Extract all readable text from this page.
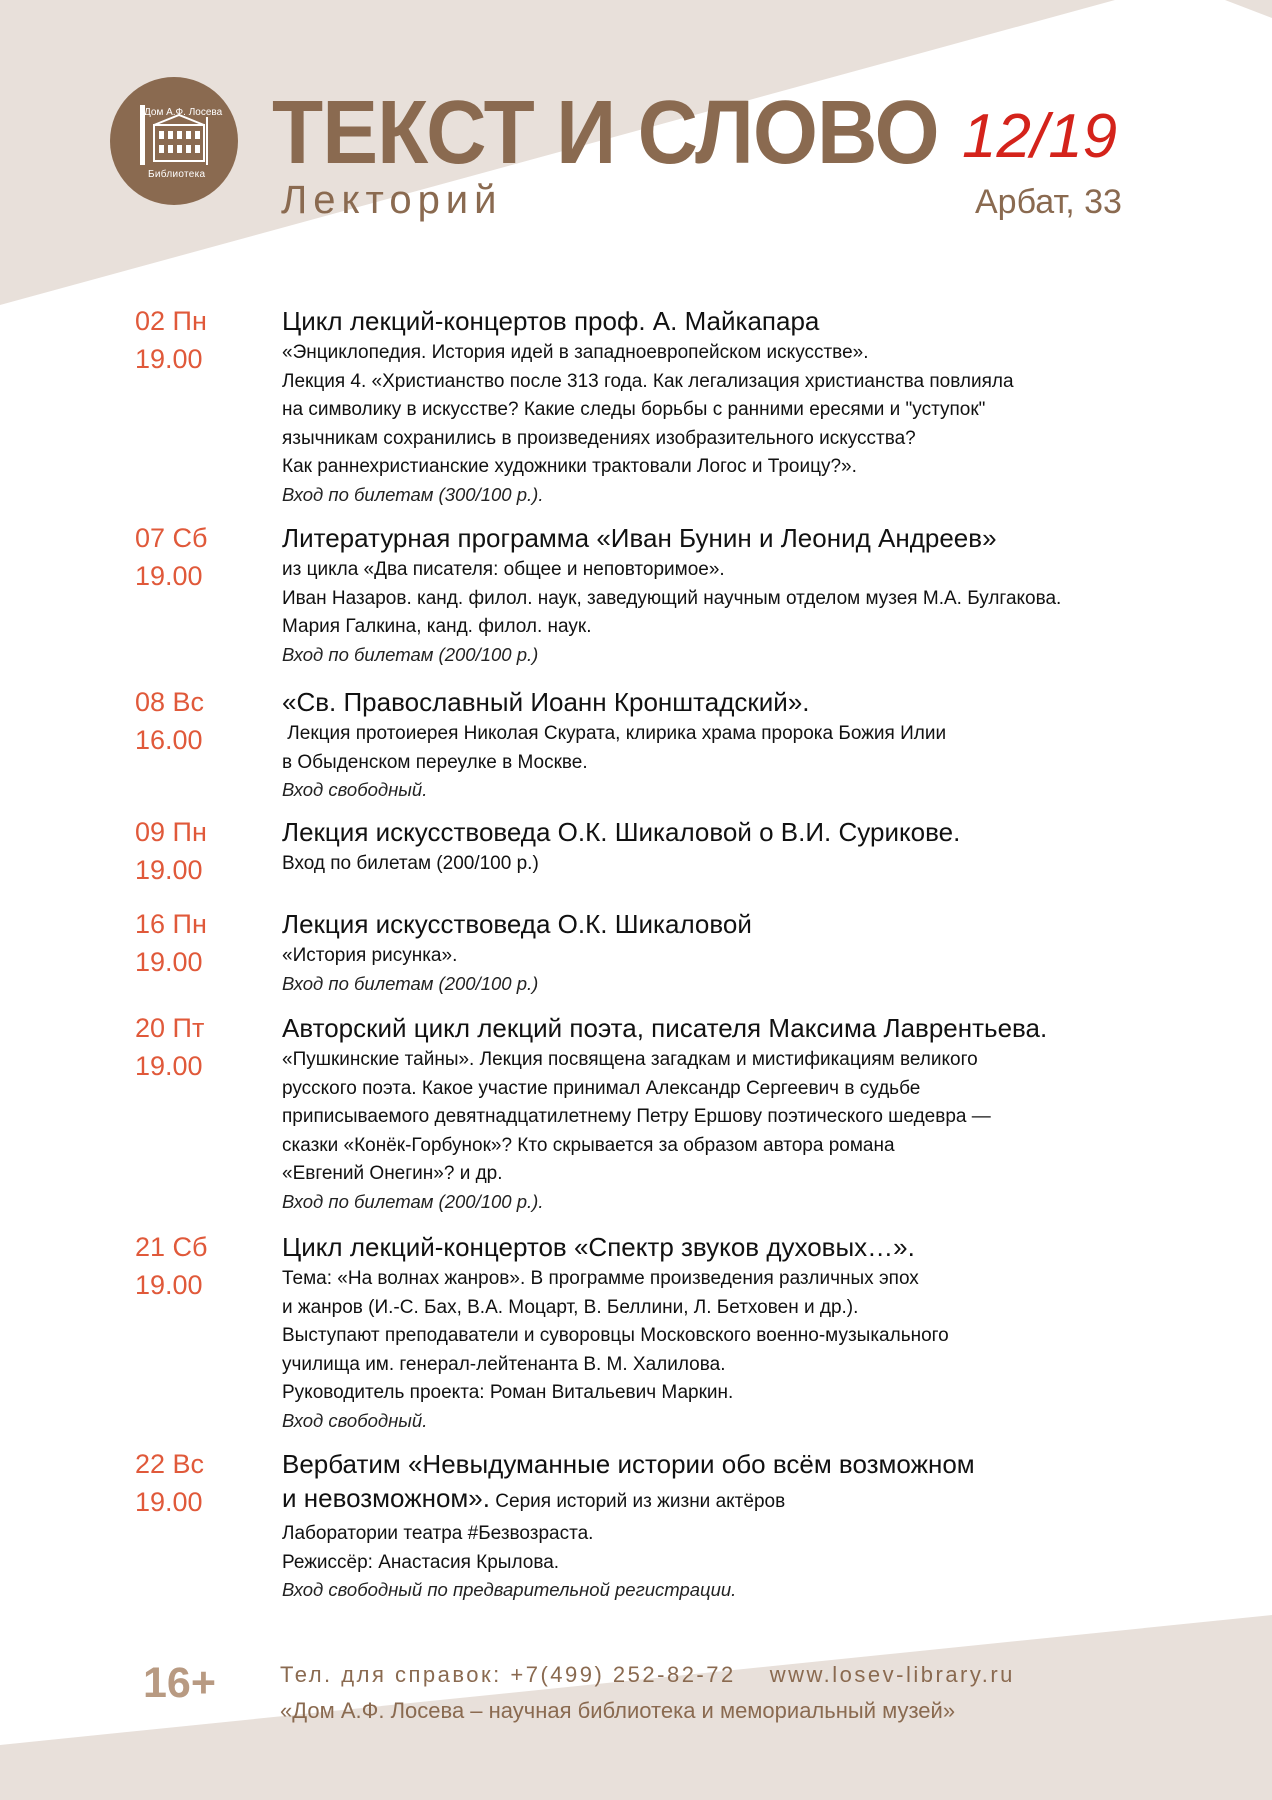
Дом А.Ф. Лосева
Библиотека ТЕКСТ И СЛОВО
Лекторий
12/19
Арбат, 33
02 Пн
19.00
Цикл лекций-концертов проф. А. Майкапара
«Энциклопедия. История идей в западноевропейском искусстве».
Лекция 4. «Христианство после 313 года. Как легализация христианства повлияла
на символику в искусстве? Какие следы борьбы с ранними ересями и "уступок"
язычникам сохранились в произведениях изобразительного искусства?
Как раннехристианские художники трактовали Логос и Троицу?».
Вход по билетам (300/100 р.).
07 Сб
19.00
Литературная программа «Иван Бунин и Леонид Андреев»
из цикла «Два писателя: общее и неповторимое».
Иван Назаров. канд. филол. наук, заведующий научным отделом музея М.А. Булгакова.
Мария Галкина, канд. филол. наук.
Вход по билетам (200/100 р.)
08 Вс
16.00
«Св. Православный Иоанн Кронштадский».
Лекция протоиерея Николая Скурата, клирика храма пророка Божия Илии
в Обыденском переулке в Москве.
Вход свободный.
09 Пн
19.00
Лекция искусствоведа О.К. Шикаловой о В.И. Сурикове.
Вход по билетам (200/100 р.)
16 Пн
19.00
Лекция искусствоведа О.К. Шикаловой
«История рисунка».
Вход по билетам (200/100 р.)
20 Пт
19.00
Авторский цикл лекций поэта, писателя Максима Лаврентьева.
«Пушкинские тайны». Лекция посвящена загадкам и мистификациям великого
русского поэта. Какое участие принимал Александр Сергеевич в судьбе
приписываемого девятнадцатилетнему Петру Ершову поэтического шедевра —
сказки «Конёк-Горбунок»? Кто скрывается за образом автора романа
«Евгений Онегин»? и др.
Вход по билетам (200/100 р.).
21 Сб
19.00
Цикл лекций-концертов «Спектр звуков духовых…».
Тема: «На волнах жанров». В программе произведения различных эпох
и жанров (И.-С. Бах, В.А. Моцарт, В. Беллини, Л. Бетховен и др.).
Выступают преподаватели и суворовцы Московского военно-музыкального
училища им. генерал-лейтенанта В. М. Халилова.
Руководитель проекта: Роман Витальевич Маркин.
Вход свободный.
22 Вс
19.00
Вербатим «Невыдуманные истории обо всём возможном
и невозможном». Серия историй из жизни актёров
Лаборатории театра #Безвозраста.
Режиссёр: Анастасия Крылова.
Вход свободный по предварительной регистрации.
16+	Тел. для справок: +7(499) 252-82-72 www.losev-library.ru
«Дом А.Ф. Лосева – научная библиотека и мемориальный музей»
